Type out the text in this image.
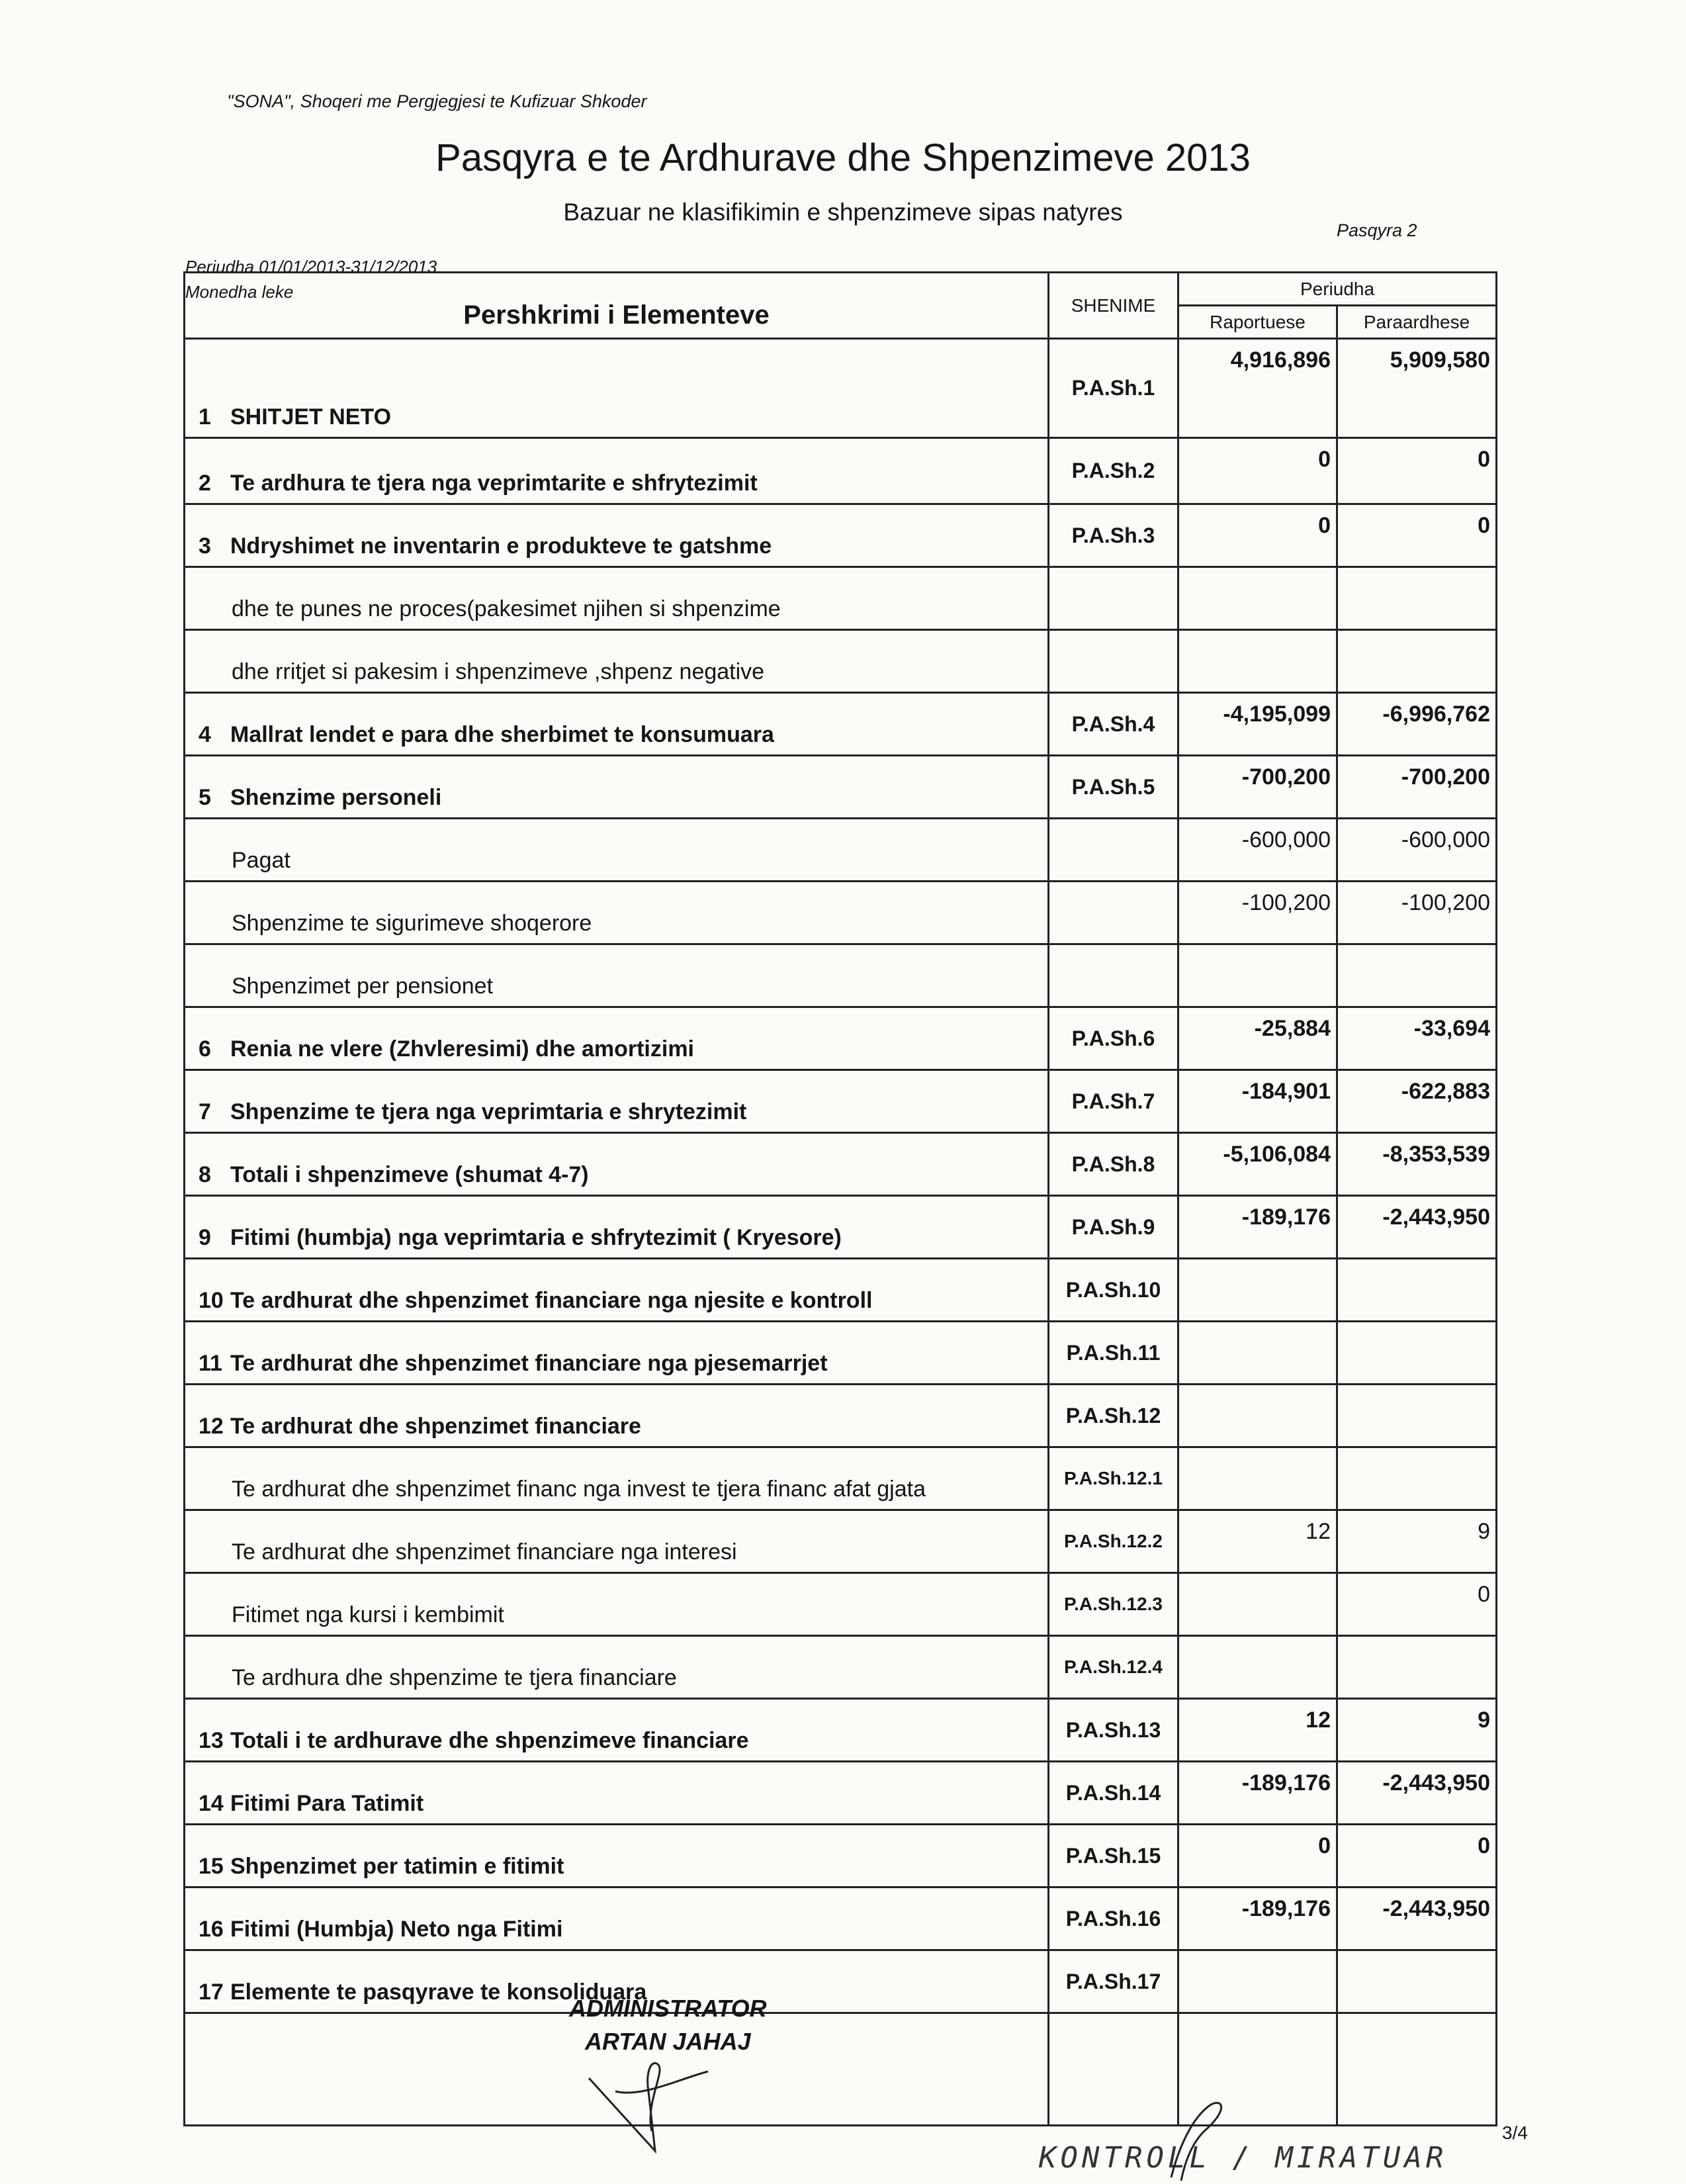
"SONA", Shoqeri me Pergjegjesi te Kufizuar Shkoder
Pasqyra e te Ardhurave dhe Shpenzimeve 2013
Bazuar ne klasifikimin e shpenzimeve sipas natyres
Pasqyra 2
Periudha 01/01/2013-31/12/2013
Monedha leke
Pershkrimi i Elementeve	SHENIME	Periudha	
		Raportuese	Paraardhese
1 SHITJET NETO	P.A.Sh.1	4,916,896	5,909,580
2 Te ardhura te tjera nga veprimtarite e shfrytezimit	P.A.Sh.2	0	0
3 Ndryshimet ne inventarin e produkteve te gatshme	P.A.Sh.3	0	0
dhe te punes ne proces(pakesimet njihen si shpenzime			
dhe rritjet si pakesim i shpenzimeve ,shpenz negative			
4 Mallrat lendet e para dhe sherbimet te konsumuara	P.A.Sh.4	-4,195,099	-6,996,762
5 Shenzime personeli	P.A.Sh.5	-700,200	-700,200
Pagat		-600,000	-600,000
Shpenzime te sigurimeve shoqerore		-100,200	-100,200
Shpenzimet per pensionet			
6 Renia ne vlere (Zhvleresimi) dhe amortizimi	P.A.Sh.6	-25,884	-33,694
7 Shpenzime te tjera nga veprimtaria e shrytezimit	P.A.Sh.7	-184,901	-622,883
8 Totali i shpenzimeve (shumat 4-7)	P.A.Sh.8	-5,106,084	-8,353,539
9 Fitimi (humbja) nga veprimtaria e shfrytezimit ( Kryesore)	P.A.Sh.9	-189,176	-2,443,950
10 Te ardhurat dhe shpenzimet financiare nga njesite e kontroll	P.A.Sh.10		
11 Te ardhurat dhe shpenzimet financiare nga pjesemarrjet	P.A.Sh.11		
12 Te ardhurat dhe shpenzimet financiare	P.A.Sh.12		
Te ardhurat dhe shpenzimet financ nga invest te tjera financ afat gjata	P.A.Sh.12.1		
Te ardhurat dhe shpenzimet financiare nga interesi	P.A.Sh.12.2	12	9
Fitimet nga kursi i kembimit	P.A.Sh.12.3		0
Te ardhura dhe shpenzime te tjera financiare	P.A.Sh.12.4		
13 Totali i te ardhurave dhe shpenzimeve financiare	P.A.Sh.13	12	9
14 Fitimi Para Tatimit	P.A.Sh.14	-189,176	-2,443,950
15 Shpenzimet per tatimin e fitimit	P.A.Sh.15	0	0
16 Fitimi (Humbja) Neto nga Fitimi	P.A.Sh.16	-189,176	-2,443,950
17 Elemente te pasqyrave te konsoliduara	P.A.Sh.17		

ADMINISTRATOR
ARTAN JAHAJ
KONTROLL / MIRATUAR
3/4
